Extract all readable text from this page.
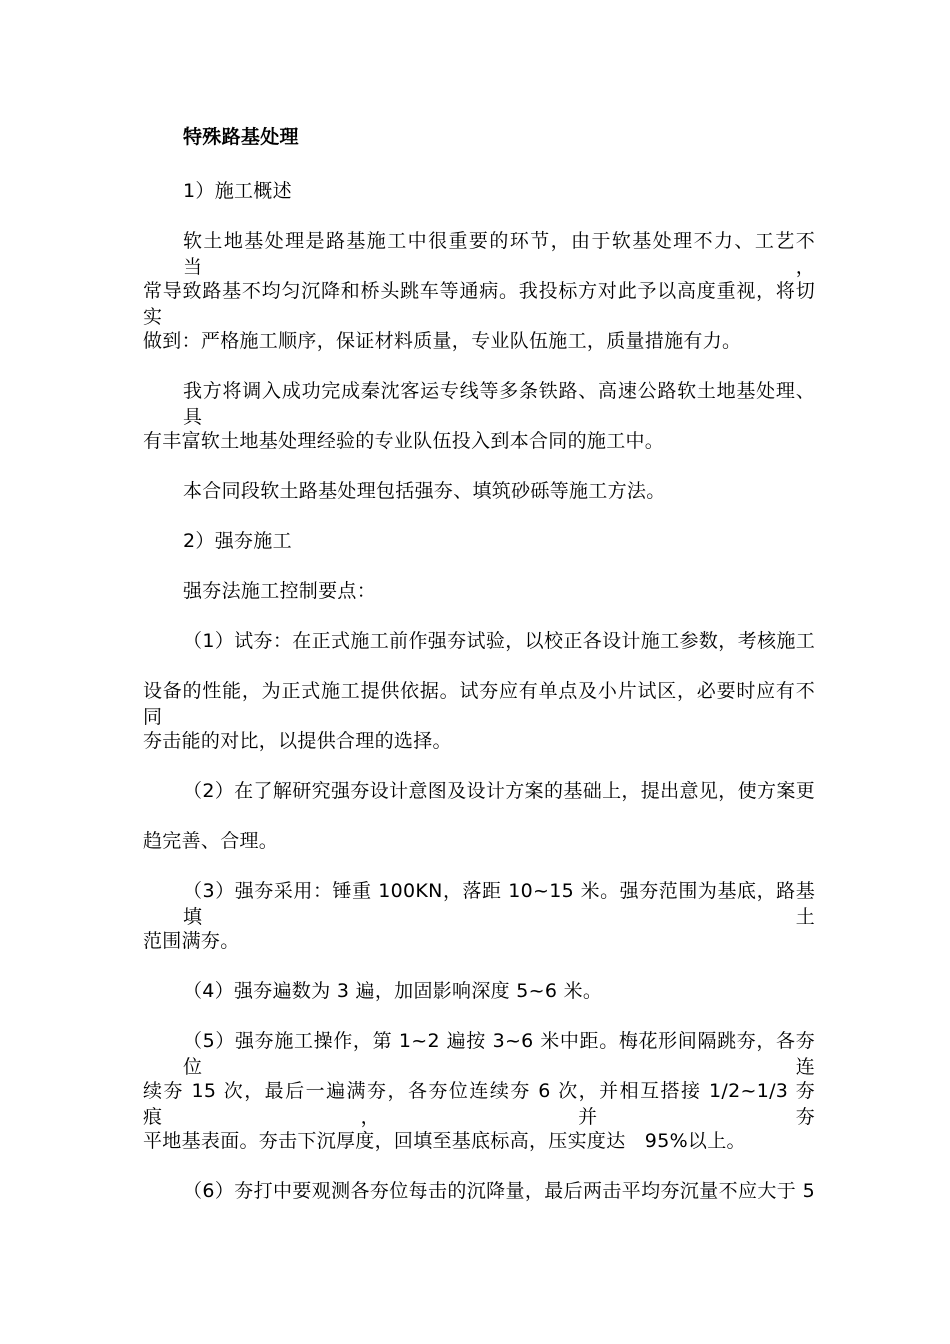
特殊路基处理
1）施工概述
软土地基处理是路基施工中很重要的环节，由于软基处理不力、工艺不当，
常导致路基不均匀沉降和桥头跳车等通病。我投标方对此予以高度重视，将切实
做到：严格施工顺序，保证材料质量，专业队伍施工，质量措施有力。
我方将调入成功完成秦沈客运专线等多条铁路、高速公路软土地基处理、具
有丰富软土地基处理经验的专业队伍投入到本合同的施工中。
本合同段软土路基处理包括强夯、填筑砂砾等施工方法。
2）强夯施工
强夯法施工控制要点：
（1）试夯：在正式施工前作强夯试验，以校正各设计施工参数，考核施工
设备的性能，为正式施工提供依据。试夯应有单点及小片试区，必要时应有不同
夯击能的对比，以提供合理的选择。
（2）在了解研究强夯设计意图及设计方案的基础上，提出意见，使方案更
趋完善、合理。
（3）强夯采用：锤重 100KN，落距 10~15 米。强夯范围为基底，路基填土
范围满夯。
（4）强夯遍数为 3 遍，加固影响深度 5~6 米。
（5）强夯施工操作，第 1~2 遍按 3~6 米中距。梅花形间隔跳夯，各夯位连
续夯 15 次，最后一遍满夯，各夯位连续夯 6 次，并相互搭接 1/2~1/3 夯痕，并夯
平地基表面。夯击下沉厚度，回填至基底标高，压实度达　95%以上。
（6）夯打中要观测各夯位每击的沉降量，最后两击平均夯沉量不应大于 5
